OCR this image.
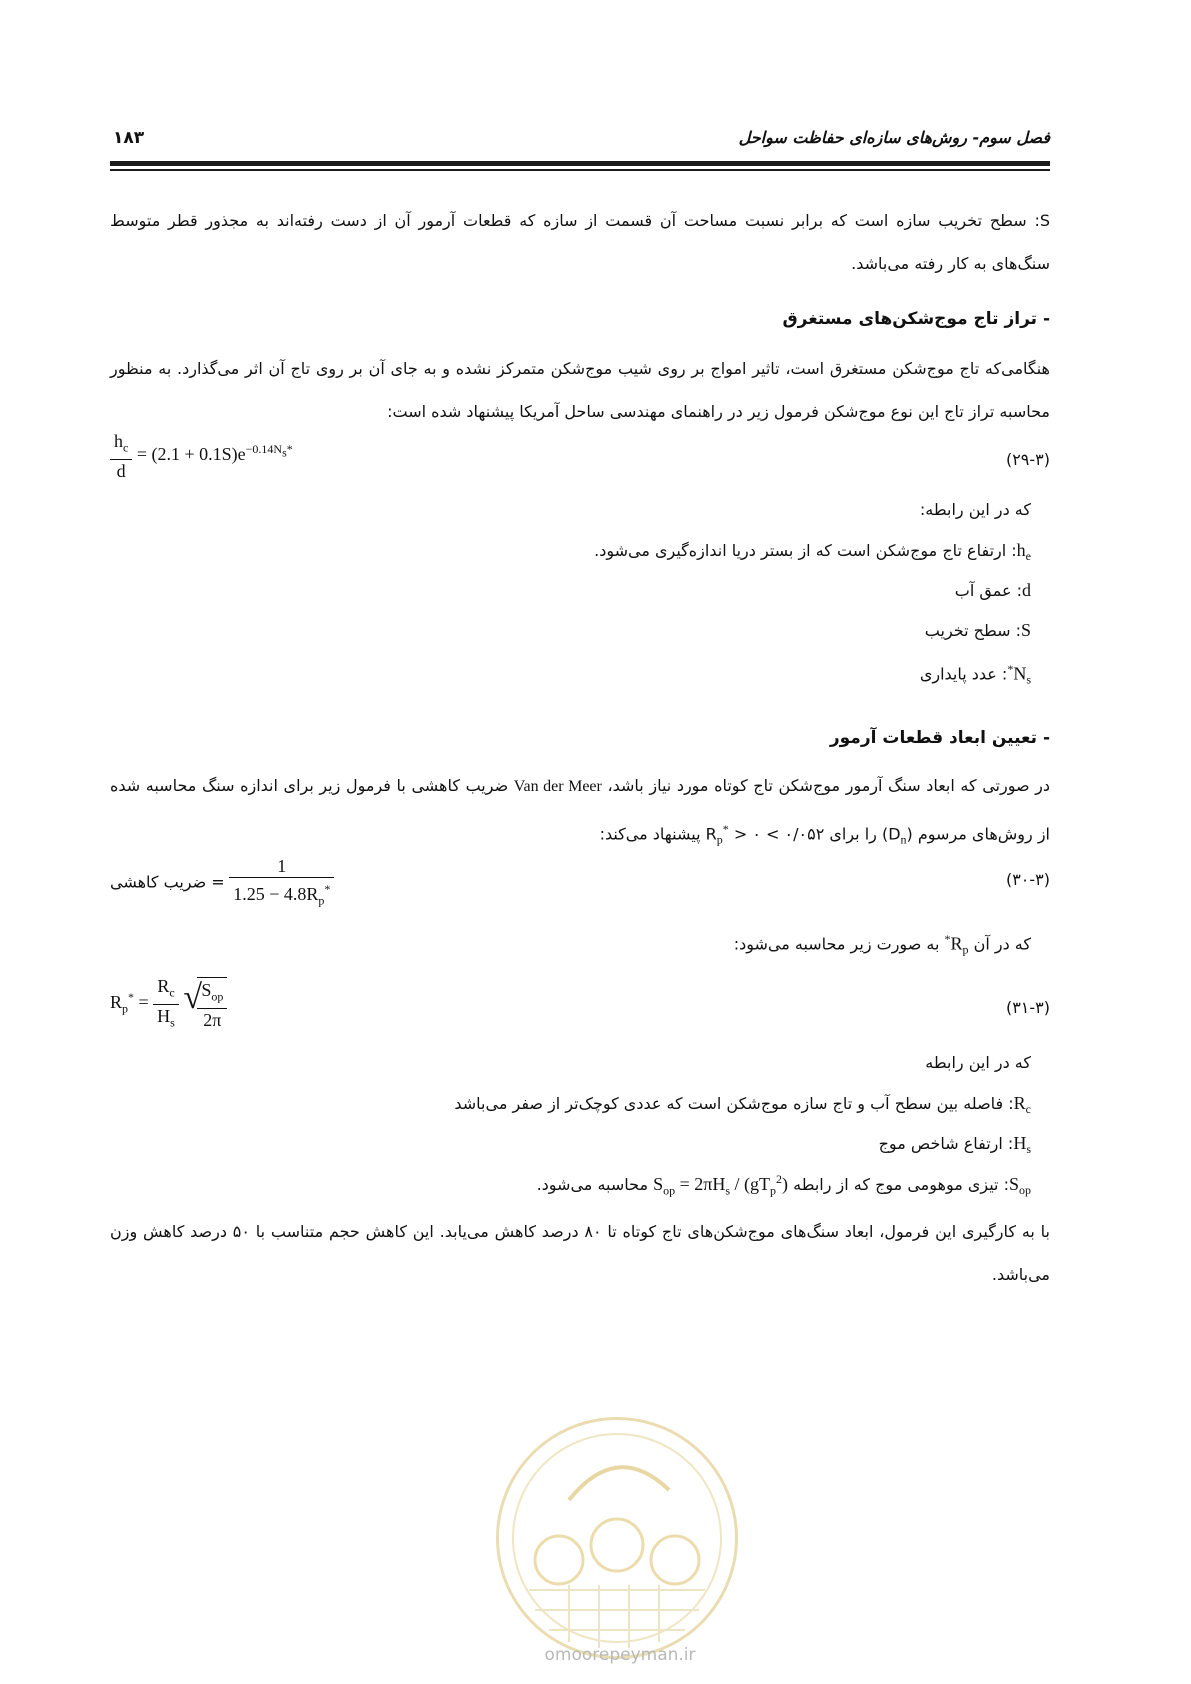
فصل سوم- روش‌های سازه‌ای حفاظت سواحل
۱۸۳
S: سطح تخریب سازه است که برابر نسبت مساحت آن قسمت از سازه که قطعات آرمور آن از دست رفته‌اند به مجذور قطر متوسط سنگ‌های به کار رفته می‌باشد.
- تراز تاج موج‌شکن‌های مستغرق
هنگامی‌که تاج موج‌شکن مستغرق است، تاثیر امواج بر روی شیب موج‌شکن متمرکز نشده و به جای آن بر روی تاج آن اثر می‌گذارد. به منظور محاسبه تراز تاج این نوع موج‌شکن فرمول زیر در راهنمای مهندسی ساحل آمریکا پیشنهاد شده است:
$\frac{h_c}{d} = (2.1 + 0.1S)e^{-0.14N_s*}$
(۲۹-۳)
که در این رابطه:
$h_e$: ارتفاع تاج موج‌شکن است که از بستر دریا اندازه‌گیری می‌شود.
d: عمق آب
S: سطح تخریب
$N_s^*$: عدد پایداری
- تعیین ابعاد قطعات آرمور
در صورتی که ابعاد سنگ آرمور موج‌شکن تاج کوتاه مورد نیاز باشد، Van der Meer ضریب کاهشی با فرمول زیر برای اندازه سنگ محاسبه شده از روش‌های مرسوم $(D_n)$ را برای ۰/۰۵۲ > $R_p^*$ > ۰ پیشنهاد می‌کند:
ضریب کاهشی = $\frac{1}{1.25 - 4.8R_p^*}$	(۳۰-۳)
که در آن $R_p^*$ به صورت زیر محاسبه می‌شود:
$R_p^* = \frac{R_c}{H_s}$
√
$\frac{S_{op}}{2\pi}$	(۳۱-۳)
که در این رابطه
$R_c$: فاصله بین سطح آب و تاج سازه موج‌شکن است که عددی کوچک‌تر از صفر می‌باشد
$H_s$: ارتفاع شاخص موج
$S_{op}$: تیزی موهومی موج که از رابطه $S_{op} = 2\pi H_s / (gT_p^2)$ محاسبه می‌شود.
با به کارگیری این فرمول، ابعاد سنگ‌های موج‌شکن‌های تاج کوتاه تا ۸۰ درصد کاهش می‌یابد. این کاهش حجم متناسب با ۵۰ درصد کاهش وزن می‌باشد.
omoorepeyman.ir
